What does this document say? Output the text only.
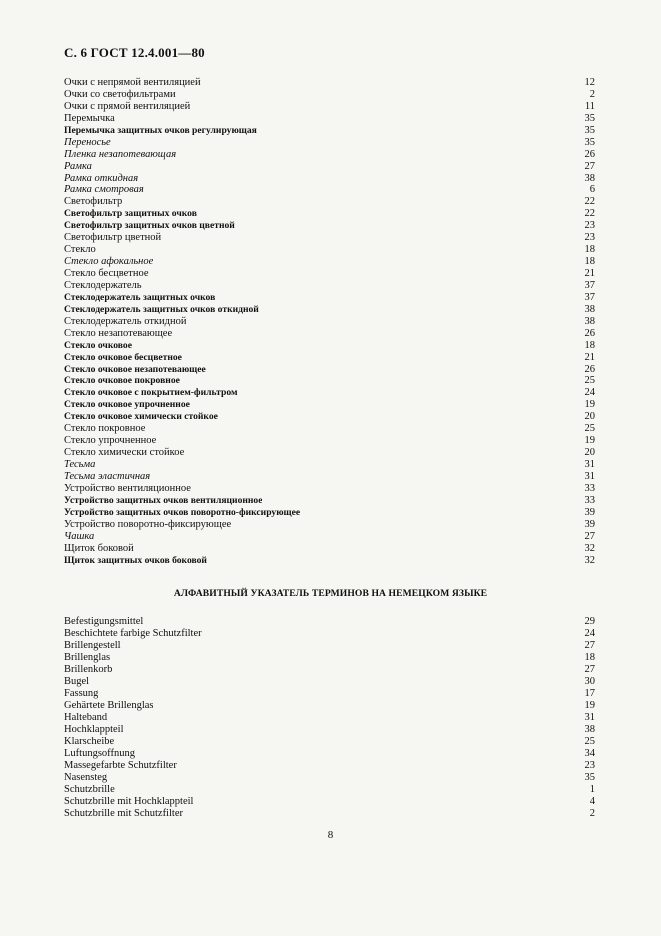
С. 6 ГОСТ 12.4.001—80
Очки с непрямой вентиляцией	12
Очки со светофильтрами	2
Очки с прямой вентиляцией	11
Перемычка	35
Перемычка защитных очков регулирующая	35
Переносье	35
Пленка незапотевающая	26
Рамка	27
Рамка откидная	38
Рамка смотровая	6
Светофильтр	22
Светофильтр защитных очков	22
Светофильтр защитных очков цветной	23
Светофильтр цветной	23
Стекло	18
Стекло афокальное	18
Стекло бесцветное	21
Стеклодержатель	37
Стеклодержатель защитных очков	37
Стеклодержатель защитных очков откидной	38
Стеклодержатель откидной	38
Стекло незапотевающее	26
Стекло очковое	18
Стекло очковое бесцветное	21
Стекло очковое незапотевающее	26
Стекло очковое покровное	25
Стекло очковое с покрытием-фильтром	24
Стекло очковое упрочненное	19
Стекло очковое химически стойкое	20
Стекло покровное	25
Стекло упрочненное	19
Стекло химически стойкое	20
Тесьма	31
Тесьма эластичная	31
Устройство вентиляционное	33
Устройство защитных очков вентиляционное	33
Устройство защитных очков поворотно-фиксирующее	39
Устройство поворотно-фиксирующее	39
Чашка	27
Щиток боковой	32
Щиток защитных очков боковой	32
АЛФАВИТНЫЙ УКАЗАТЕЛЬ ТЕРМИНОВ НА НЕМЕЦКОМ ЯЗЫКЕ
Befestigungsmittel	29
Beschichtete farbige Schutzfilter	24
Brillengestell	27
Brillenglas	18
Brillenkorb	27
Bugel	30
Fassung	17
Gehärtete Brillenglas	19
Halteband	31
Hochklappteil	38
Klarscheibe	25
Luftungsoffnung	34
Massegefarbte Schutzfilter	23
Nasensteg	35
Schutzbrille	1
Schutzbrille mit Hochklappteil	4
Schutzbrille mit Schutzfilter	2
8
